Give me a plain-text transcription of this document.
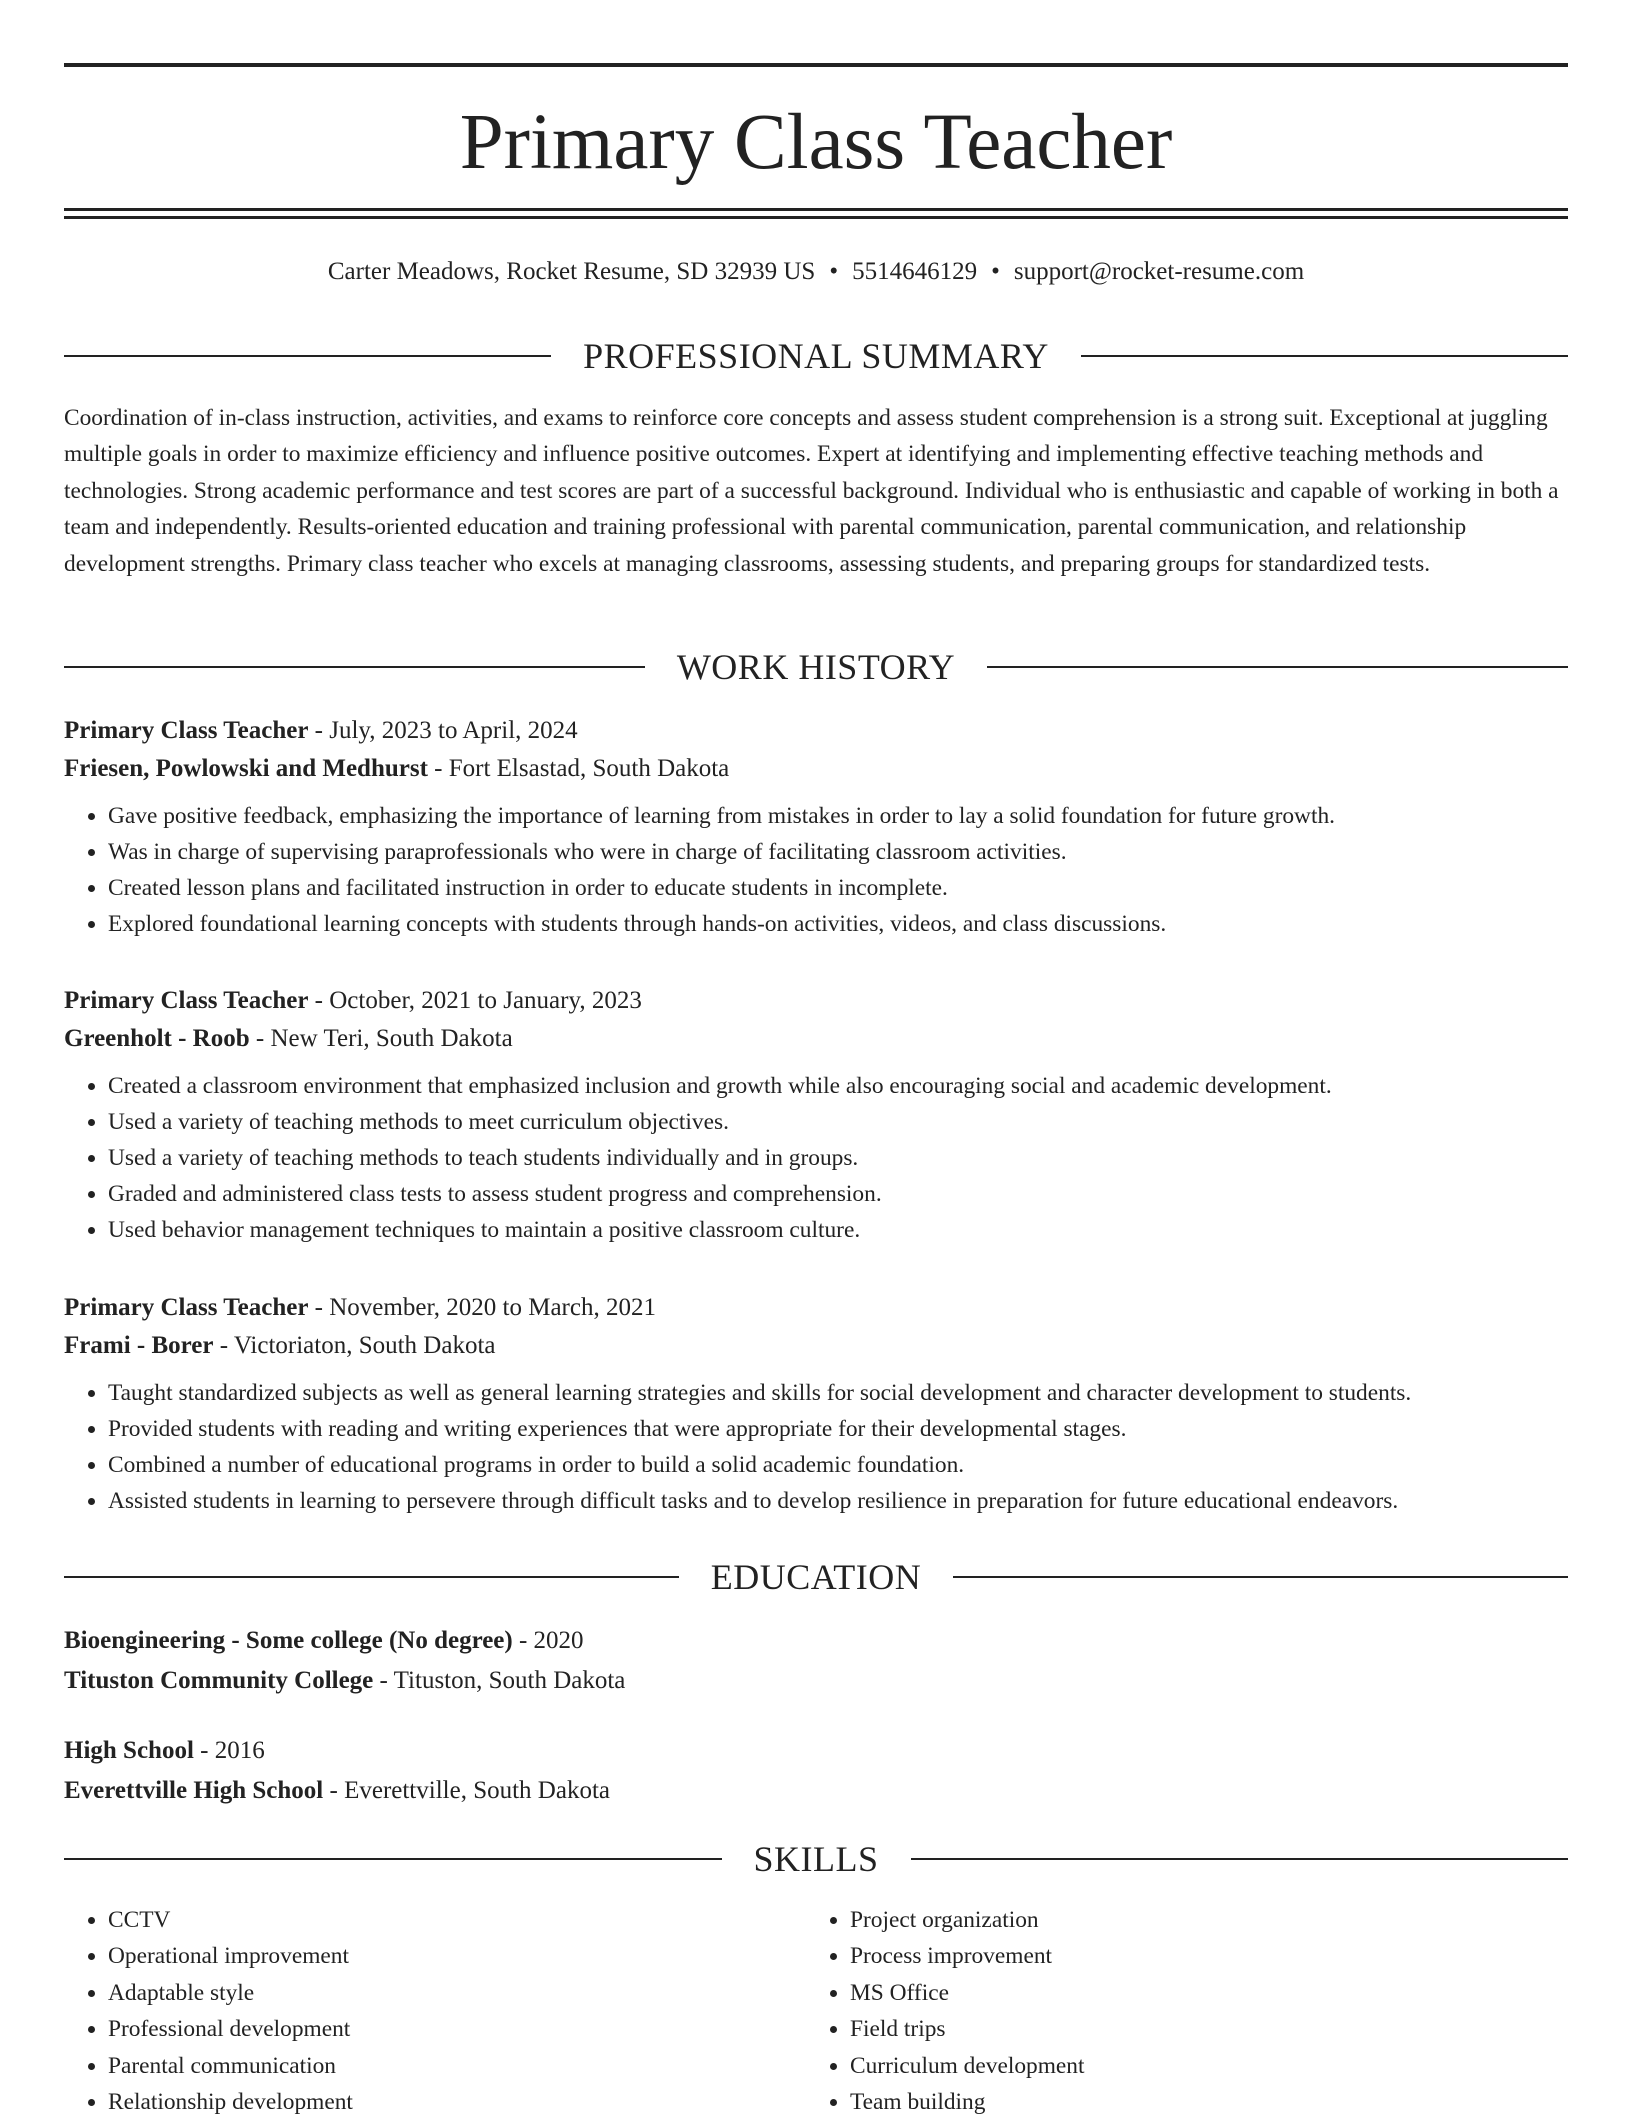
Primary Class Teacher
Carter Meadows, Rocket Resume, SD 32939 US • 5514646129 • support@rocket-resume.com
PROFESSIONAL SUMMARY

Coordination of in-class instruction, activities, and exams to reinforce core concepts and assess student comprehension is a strong suit. Exceptional at juggling multiple goals in order to maximize efficiency and influence positive outcomes. Expert at identifying and implementing effective teaching methods and technologies. Strong academic performance and test scores are part of a successful background. Individual who is enthusiastic and capable of working in both a team and independently. Results-oriented education and training professional with parental communication, parental communication, and relationship development strengths. Primary class teacher who excels at managing classrooms, assessing students, and preparing groups for standardized tests.

WORK HISTORY
Primary Class Teacher - July, 2023 to April, 2024
Friesen, Powlowski and Medhurst - Fort Elsastad, South Dakota
• Gave positive feedback, emphasizing the importance of learning from mistakes in order to lay a solid foundation for future growth.
• Was in charge of supervising paraprofessionals who were in charge of facilitating classroom activities.
• Created lesson plans and facilitated instruction in order to educate students in incomplete.
• Explored foundational learning concepts with students through hands-on activities, videos, and class discussions.
Primary Class Teacher - October, 2021 to January, 2023
Greenholt - Roob - New Teri, South Dakota
• Created a classroom environment that emphasized inclusion and growth while also encouraging social and academic development.
• Used a variety of teaching methods to meet curriculum objectives.
• Used a variety of teaching methods to teach students individually and in groups.
• Graded and administered class tests to assess student progress and comprehension.
• Used behavior management techniques to maintain a positive classroom culture.
Primary Class Teacher - November, 2020 to March, 2021
Frami - Borer - Victoriaton, South Dakota
• Taught standardized subjects as well as general learning strategies and skills for social development and character development to students.
• Provided students with reading and writing experiences that were appropriate for their developmental stages.
• Combined a number of educational programs in order to build a solid academic foundation.
• Assisted students in learning to persevere through difficult tasks and to develop resilience in preparation for future educational endeavors.
EDUCATION
Bioengineering - Some college (No degree) - 2020
Tituston Community College - Tituston, South Dakota
High School - 2016
Everettville High School - Everettville, South Dakota
SKILLS
• CCTV
• Operational improvement
• Adaptable style
• Professional development
• Parental communication
• Relationship development
• Project organization
• Process improvement
• MS Office
• Field trips
• Curriculum development
• Team building
